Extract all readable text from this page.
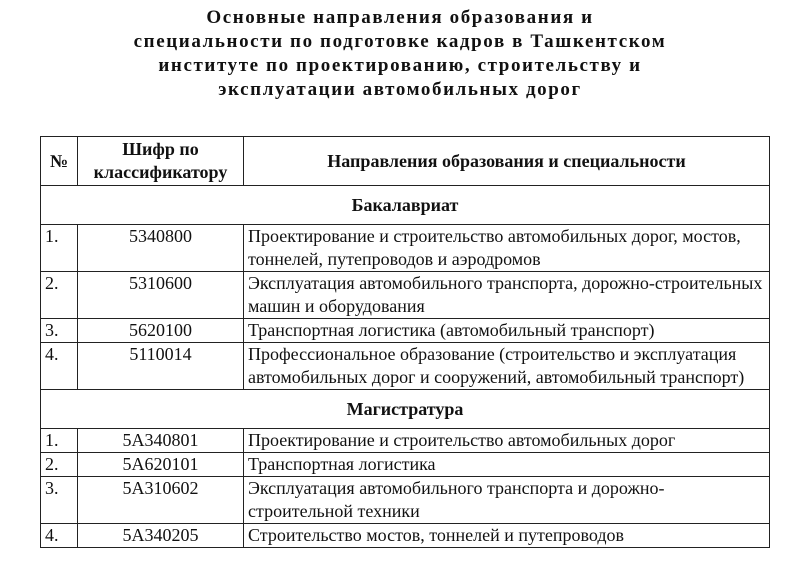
Основные направления образования и
специальности по подготовке кадров в Ташкентском
институте по проектированию, строительству и
эксплуатации автомобильных дорог
№	Шифр по классификатору	Направления образования и специальности
Бакалавриат		
1.	5340800	Проектирование и строительство автомобильных дорог, мостов, тоннелей, путепроводов и аэродромов
2.	5310600	Эксплуатация автомобильного транспорта, дорожно-строительных машин и оборудования
3.	5620100	Транспортная логистика (автомобильный транспорт)
4.	5110014	Профессиональное образование (строительство и эксплуатация автомобильных дорог и сооружений, автомобильный транспорт)
Магистратура		
1.	5A340801	Проектирование и строительство автомобильных дорог
2.	5A620101	Транспортная логистика
3.	5A310602	Эксплуатация автомобильного транспорта и дорожно-строительной техники
4.	5A340205	Строительство мостов, тоннелей и путепроводов
